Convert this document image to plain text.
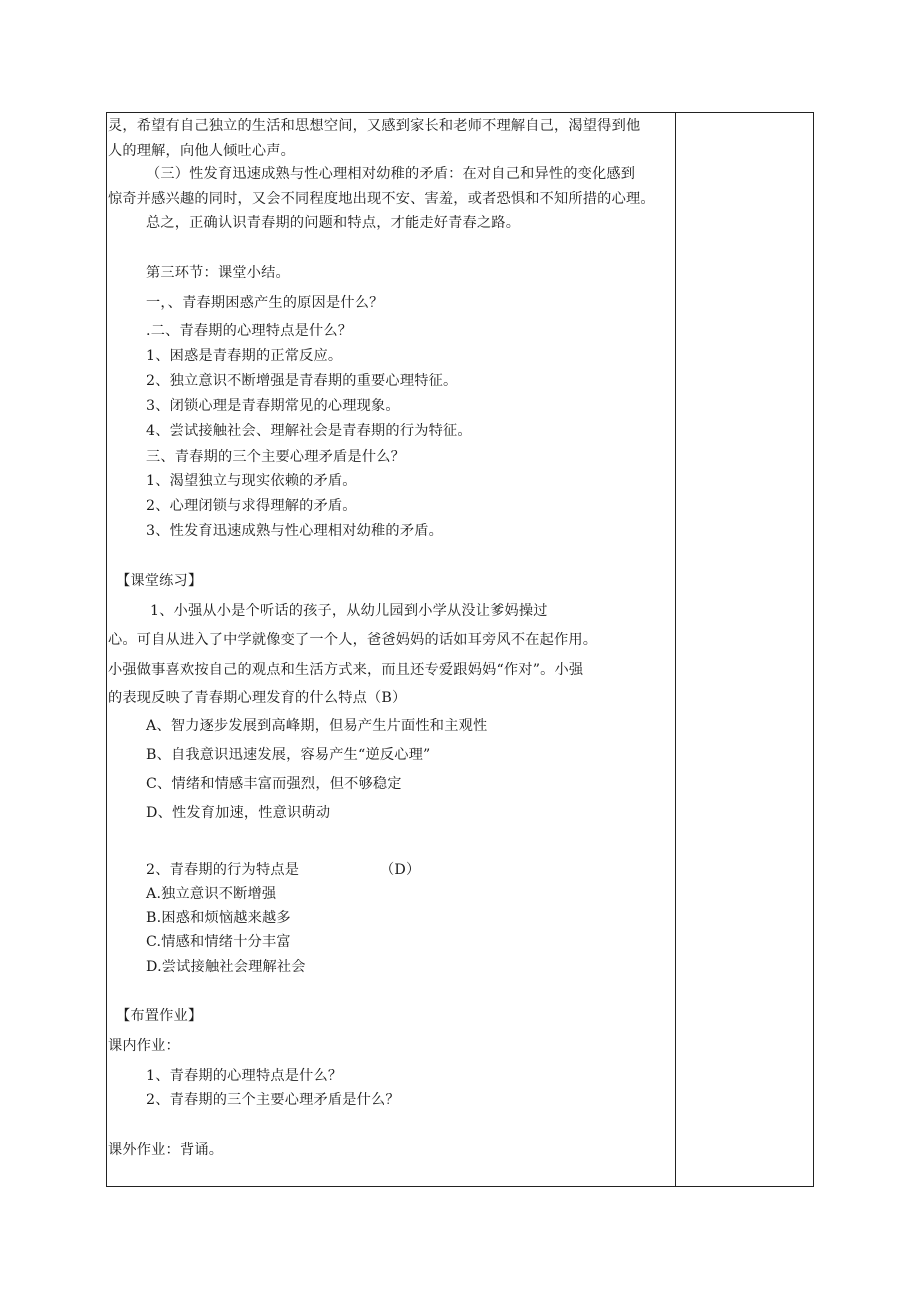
灵，希望有自己独立的生活和思想空间，又感到家长和老师不理解自己，渴望得到他
人的理解，向他人倾吐心声。
（三）性发育迅速成熟与性心理相对幼稚的矛盾：在对自己和异性的变化感到
惊奇并感兴趣的同时，又会不同程度地出现不安、害羞，或者恐惧和不知所措的心理。
总之，正确认识青春期的问题和特点，才能走好青春之路。
第三环节：课堂小结。
一，、青春期困惑产生的原因是什么？
.二、青春期的心理特点是什么？
1、困惑是青春期的正常反应。
2、独立意识不断增强是青春期的重要心理特征。
3、闭锁心理是青春期常见的心理现象。
4、尝试接触社会、理解社会是青春期的行为特征。
三、青春期的三个主要心理矛盾是什么？
1、渴望独立与现实依赖的矛盾。
2、心理闭锁与求得理解的矛盾。
3、性发育迅速成熟与性心理相对幼稚的矛盾。
【课堂练习】
1、小强从小是个听话的孩子，从幼儿园到小学从没让爹妈操过
心。可自从进入了中学就像变了一个人，爸爸妈妈的话如耳旁风不在起作用。
小强做事喜欢按自己的观点和生活方式来，而且还专爱跟妈妈“作对”。小强
的表现反映了青春期心理发育的什么特点（B）
A、智力逐步发展到高峰期，但易产生片面性和主观性
B、自我意识迅速发展，容易产生“逆反心理”
C、情绪和情感丰富而强烈，但不够稳定
D、性发育加速，性意识萌动
2、青春期的行为特点是	（D）
A.独立意识不断增强
B.困惑和烦恼越来越多
C.情感和情绪十分丰富
D.尝试接触社会理解社会
【布置作业】
课内作业：
1、青春期的心理特点是什么？
2、青春期的三个主要心理矛盾是什么？
课外作业：背诵。
